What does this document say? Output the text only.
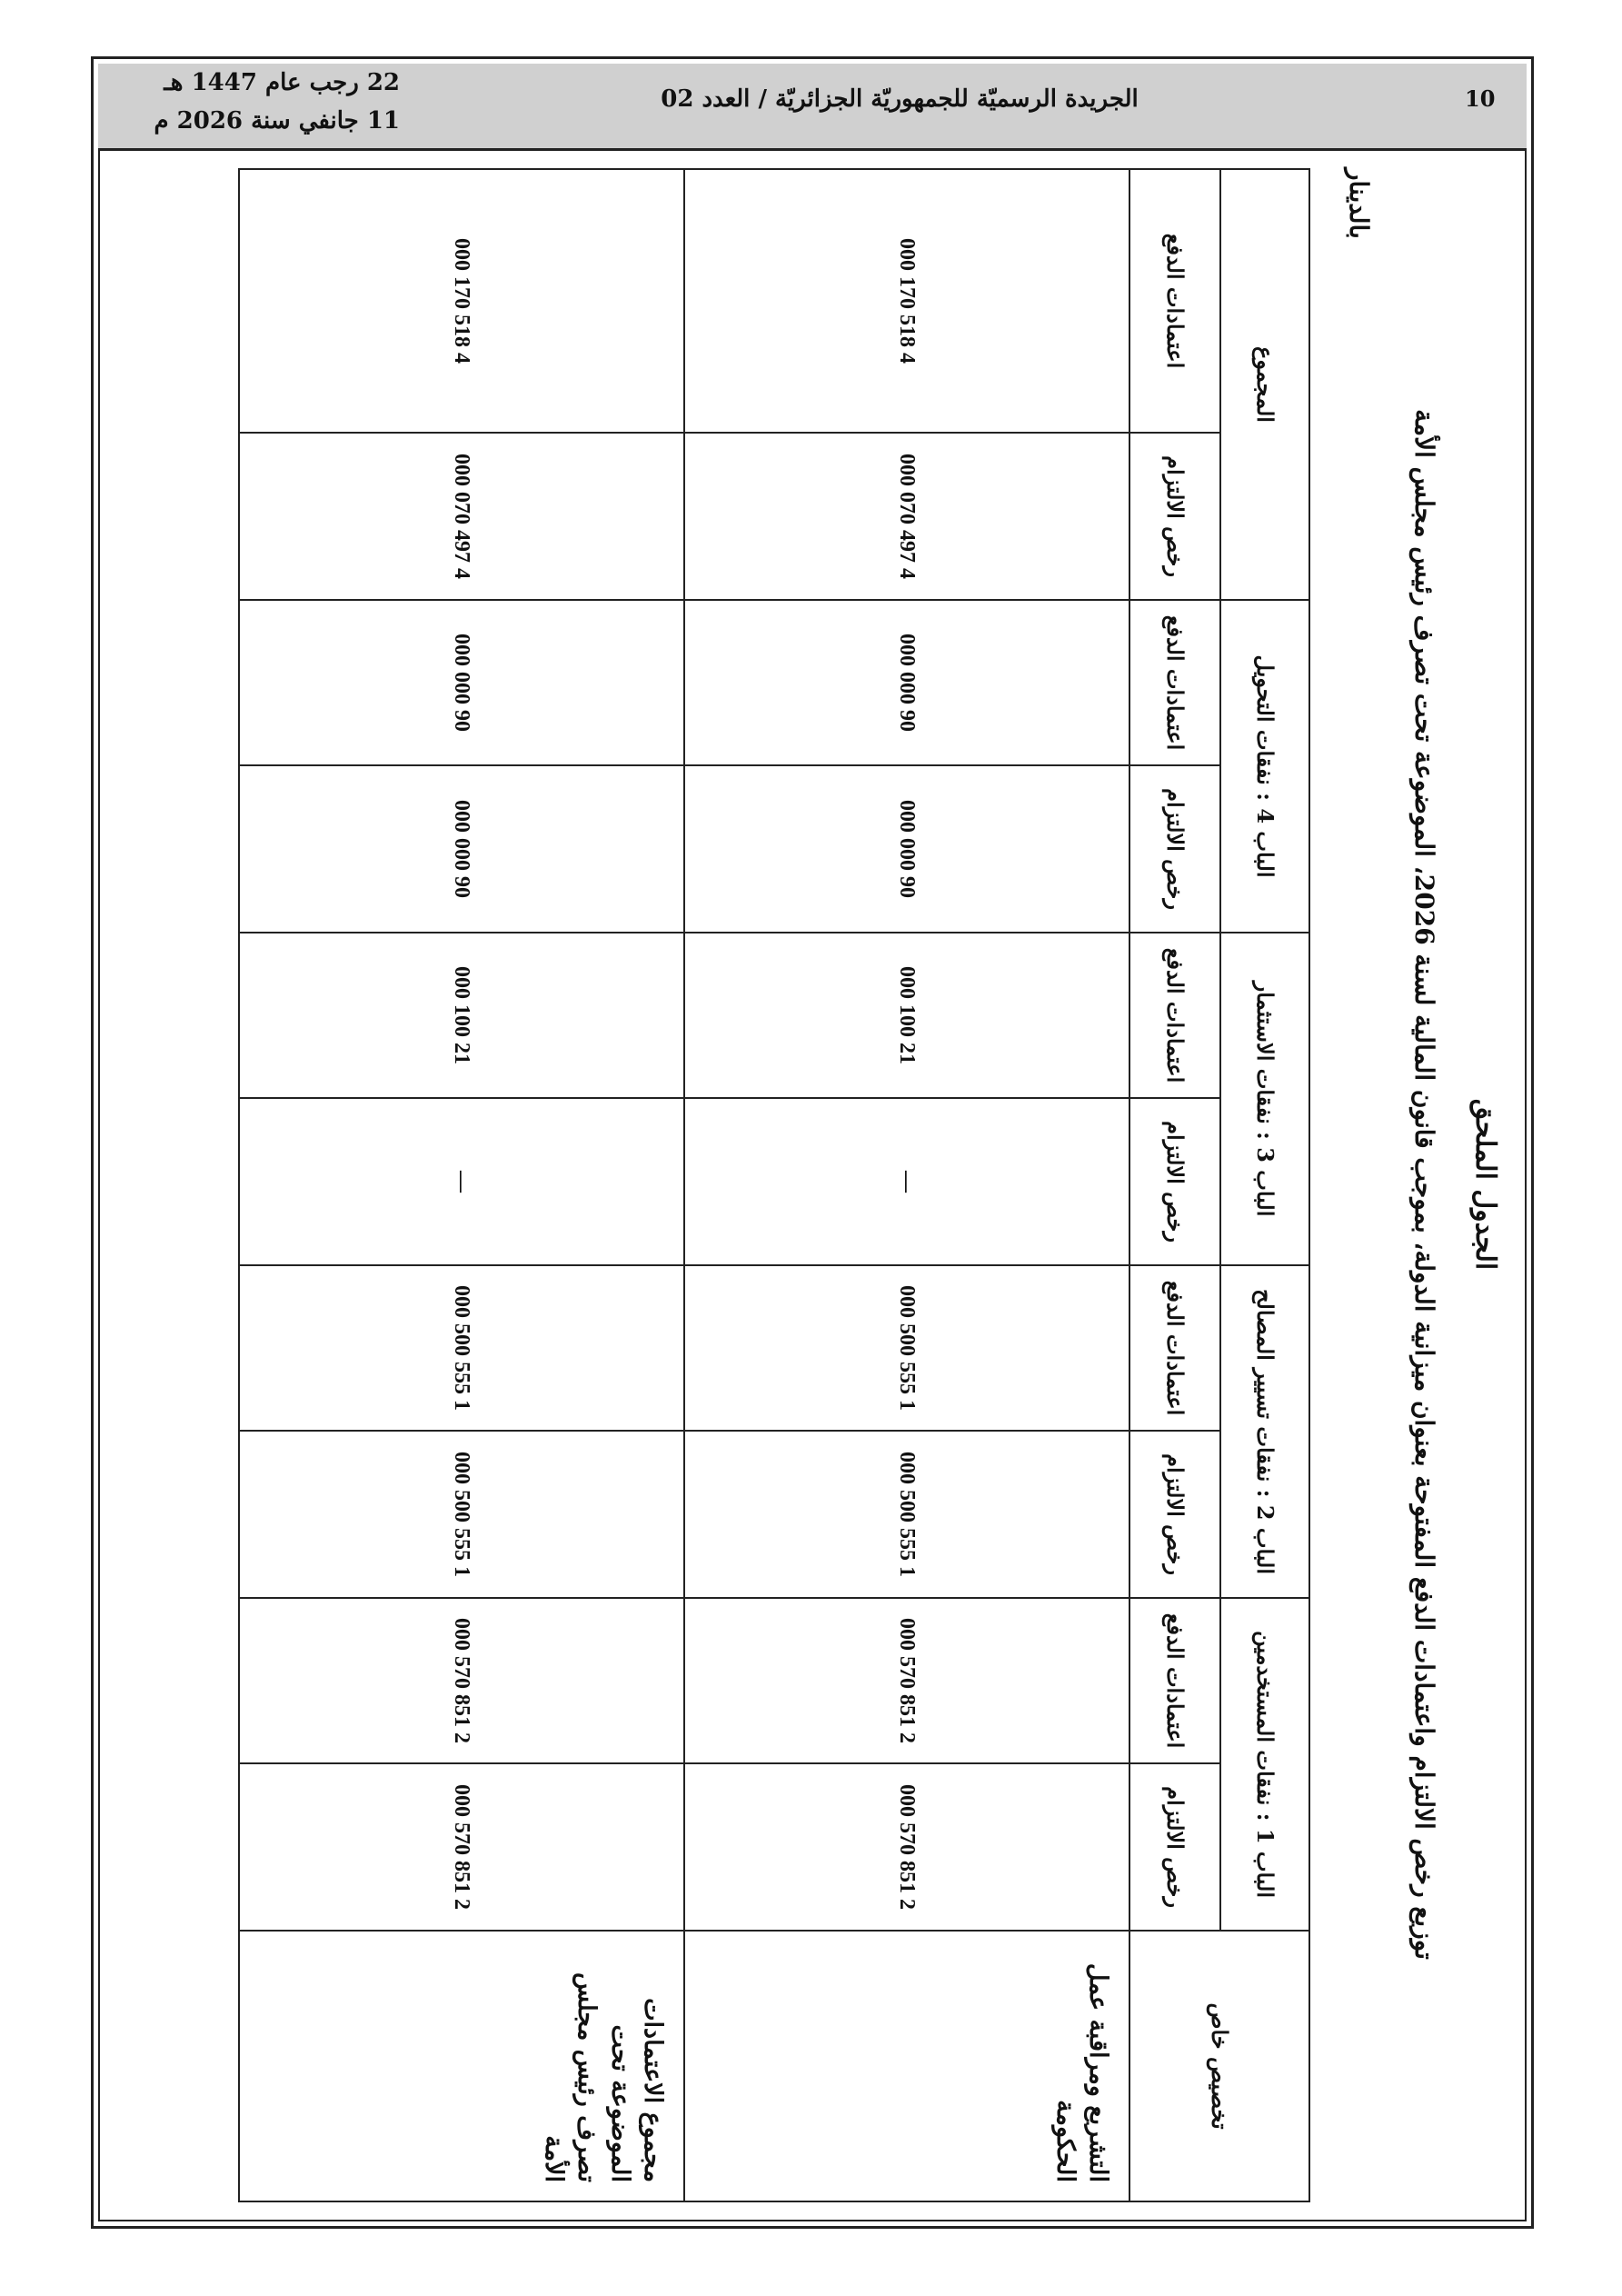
10
الجريدة الرسميّة للجمهوريّة الجزائريّة / العدد 02
22 رجب عام 1447 هـ
11 جانفي سنة 2026 م
الجدول الملحق
توزيع رخص الالتزام واعتمادات الدفع المفتوحة بعنوان ميزانية الدولة، بموجب قانون المالية لسنة 2026، الموضوعة تحت تصرف رئيس مجلس الأمة
بالدينار
تخصيص خاص	الباب 1 : نفقات المستخدمين		الباب 2 : نفقات تسيير المصالح		الباب 3 : نفقات الاستثمار		الباب 4 : نفقات التحويل		المجموع	
	رخص الالتزام	اعتمادات الدفع	رخص الالتزام	اعتمادات الدفع	رخص الالتزام	اعتمادات الدفع	رخص الالتزام	اعتمادات الدفع	رخص الالتزام	اعتمادات الدفع
التشريع ومراقبة عمل الحكومة	2 851 570 000	2 851 570 000	1 555 500 000	1 555 500 000	—	21 100 000	90 000 000	90 000 000	4 497 070 000	4 518 170 000
مجموع الاعتمادات الموضوعة تحت تصرف رئيس مجلس الأمة	2 851 570 000	2 851 570 000	1 555 500 000	1 555 500 000	—	21 100 000	90 000 000	90 000 000	4 497 070 000	4 518 170 000
